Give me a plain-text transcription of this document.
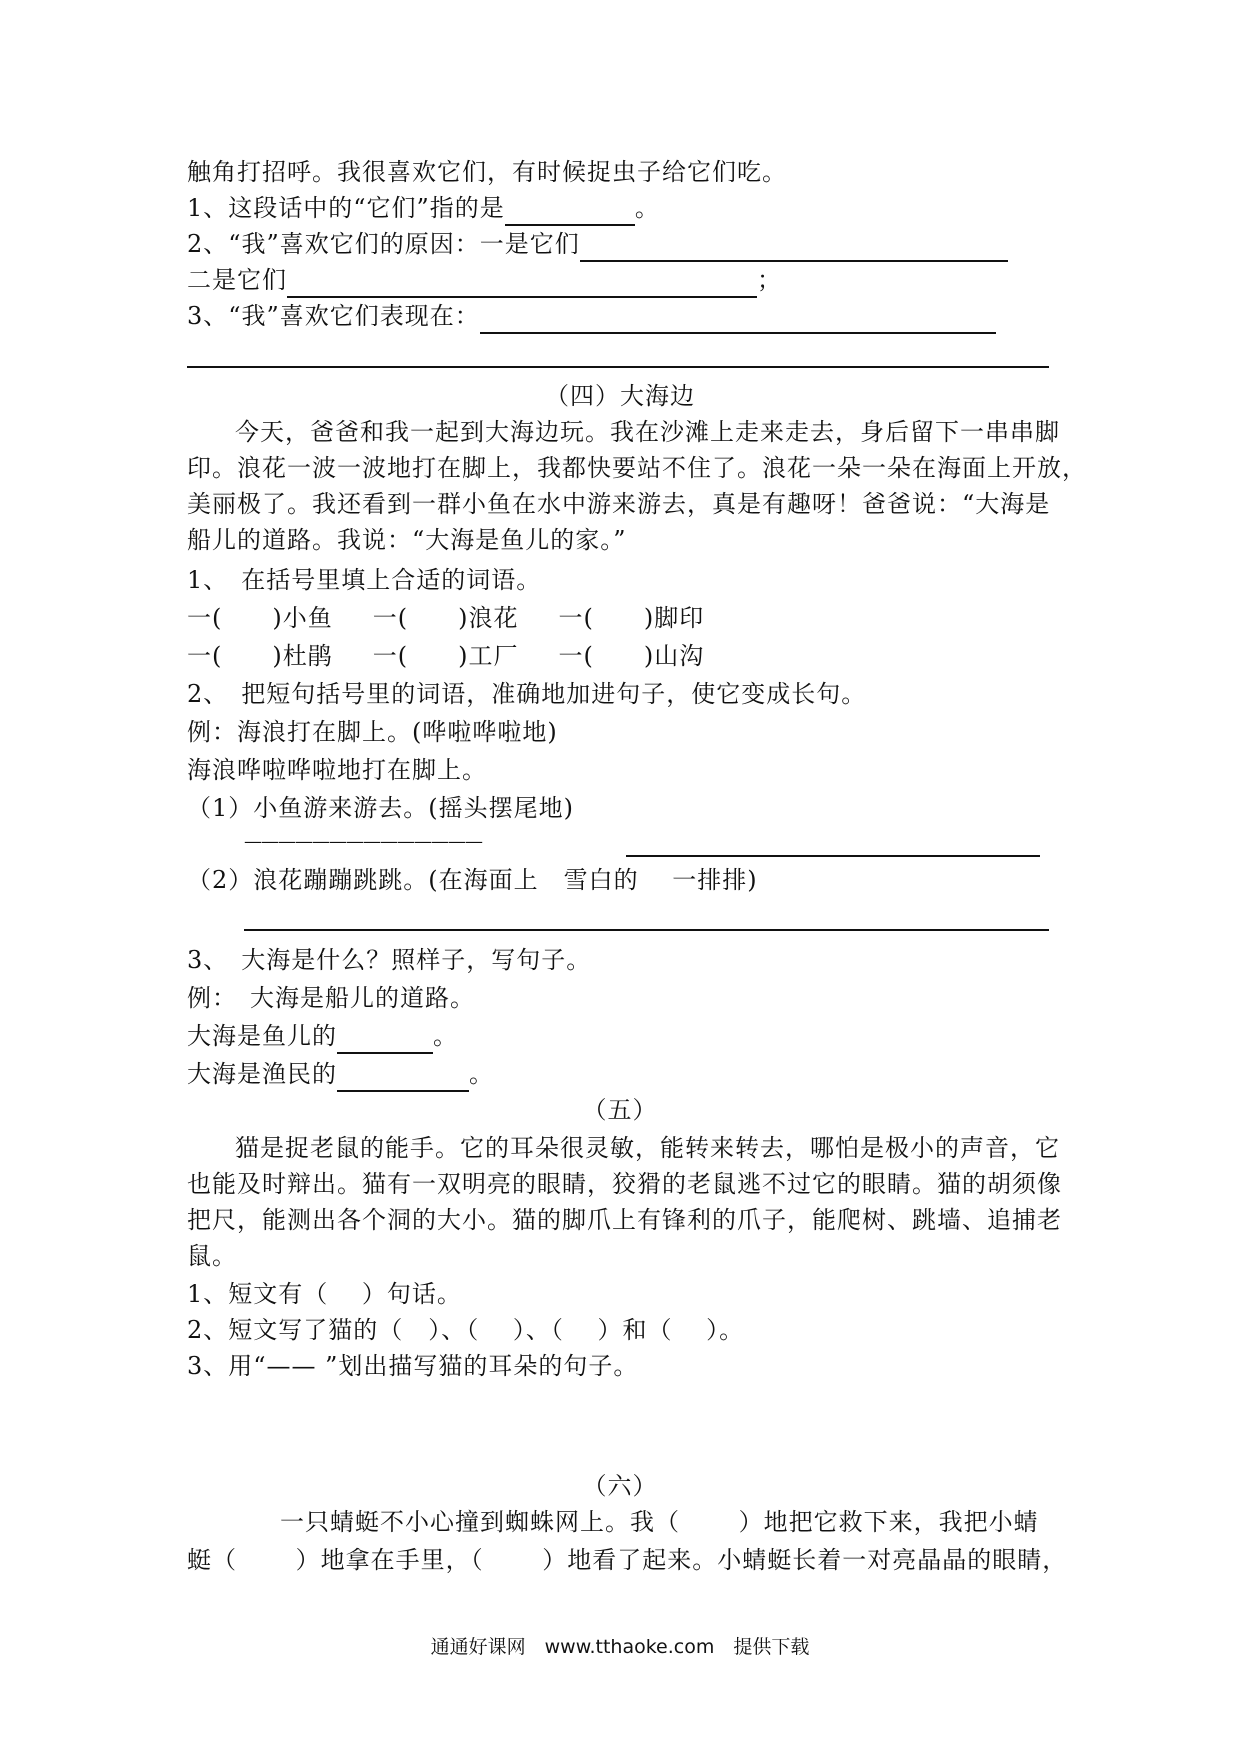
触角打招呼。我很喜欢它们，有时候捉虫子给它们吃。
1、这段话中的“它们”指的是	。
2、“我”喜欢它们的原因：一是它们
二是它们	；
3、“我”喜欢它们表现在：
（四）大海边
今天，爸爸和我一起到大海边玩。我在沙滩上走来走去，身后留下一串串脚
印。浪花一波一波地打在脚上，我都快要站不住了。浪花一朵一朵在海面上开放，
美丽极了。我还看到一群小鱼在水中游来游去，真是有趣呀！爸爸说：“大海是
船儿的道路。我说：“大海是鱼儿的家。”
1、　在括号里填上合适的词语。
一(　　)小鱼 一(　　)浪花 一(　　)脚印
一(　　)杜鹃 一(　　)工厂 一(　　)山沟
2、　把短句括号里的词语，准确地加进句子，使它变成长句。
例：海浪打在脚上。(哗啦哗啦地)
海浪哗啦哗啦地打在脚上。
（1）小鱼游来游去。(摇头摆尾地)
——————————————
（2）浪花蹦蹦跳跳。(在海面上　雪白的　 一排排)
3、　大海是什么？照样子，写句子。
例：　大海是船儿的道路。
大海是鱼儿的	。
大海是渔民的	。
（五）
猫是捉老鼠的能手。它的耳朵很灵敏，能转来转去，哪怕是极小的声音，它
也能及时辩出。猫有一双明亮的眼睛，狡猾的老鼠逃不过它的眼睛。猫的胡须像
把尺，能测出各个洞的大小。猫的脚爪上有锋利的爪子，能爬树、跳墙、追捕老
鼠。
1、短文有（　 ）句话。
2、短文写了猫的（　）、（　 ）、（　 ）和（　 ）。
3、用“—— ”划出描写猫的耳朵的句子。
（六）
一只蜻蜓不小心撞到蜘蛛网上。我（　　 ）地把它救下来，我把小蜻
蜓（　　 ）地拿在手里，（　　 ）地看了起来。小蜻蜓长着一对亮晶晶的眼睛，
通通好课网　www.tthaoke.com　提供下载
